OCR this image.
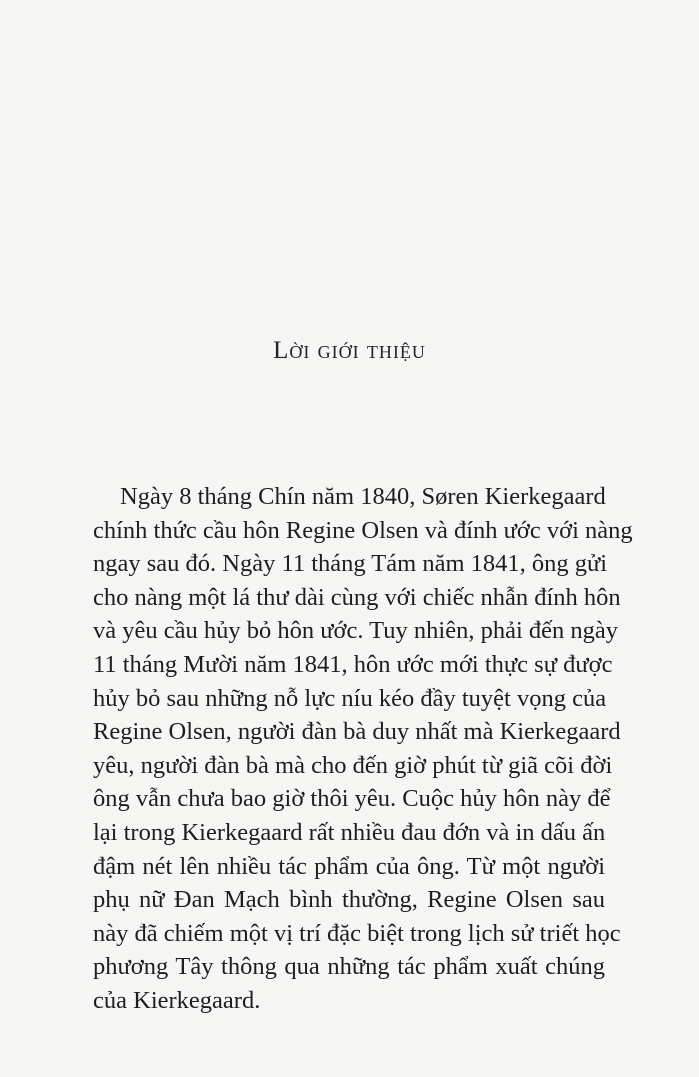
Lời giới thiệu
Ngày 8 tháng Chín năm 1840, Søren Kierkegaard
chính thức cầu hôn Regine Olsen và đính ước với nàng
ngay sau đó. Ngày 11 tháng Tám năm 1841, ông gửi
cho nàng một lá thư dài cùng với chiếc nhẫn đính hôn
và yêu cầu hủy bỏ hôn ước. Tuy nhiên, phải đến ngày
11 tháng Mười năm 1841, hôn ước mới thực sự được
hủy bỏ sau những nỗ lực níu kéo đầy tuyệt vọng của
Regine Olsen, người đàn bà duy nhất mà Kierkegaard
yêu, người đàn bà mà cho đến giờ phút từ giã cõi đời
ông vẫn chưa bao giờ thôi yêu. Cuộc hủy hôn này để
lại trong Kierkegaard rất nhiều đau đớn và in dấu ấn
đậm nét lên nhiều tác phẩm của ông. Từ một người
phụ nữ Đan Mạch bình thường, Regine Olsen sau
này đã chiếm một vị trí đặc biệt trong lịch sử triết học
phương Tây thông qua những tác phẩm xuất chúng
của Kierkegaard.
